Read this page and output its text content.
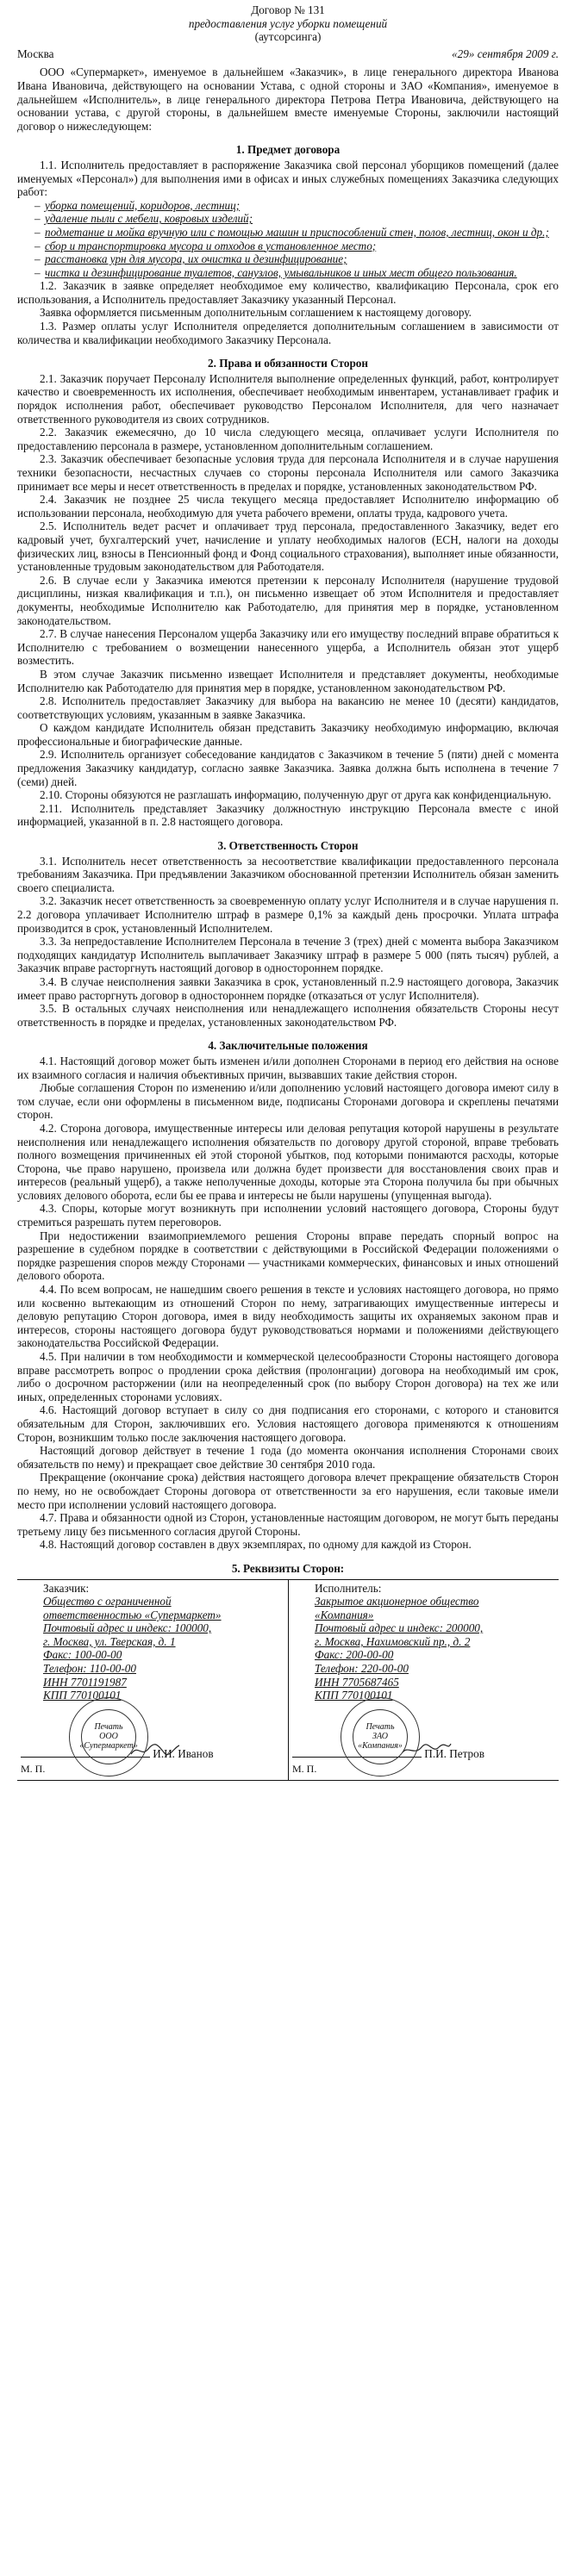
Договор № 131

предоставления услуг уборки помещений

(аутсорсинга)

Москва	«29» сентября 2009 г.

ООО «Супермаркет», именуемое в дальнейшем «Заказчик», в лице генерального директора Иванова Ивана Ивановича, действующего на основании Устава, с одной стороны и ЗАО «Компания», именуемое в дальнейшем «Исполнитель», в лице генерального директора Петрова Петра Ивановича, действующего на основании устава, с другой стороны, в дальнейшем вместе именуемые Стороны, заключили настоящий договор о нижеследующем:

1. Предмет договора

1.1. Исполнитель предоставляет в распоряжение Заказчика свой персонал уборщиков помещений (далее именуемых «Персонал») для выполнения ими в офисах и иных служебных помещениях Заказчика следующих работ:

– уборка помещений, коридоров, лестниц;
– удаление пыли с мебели, ковровых изделий;
– подметание и мойка вручную или с помощью машин и приспособлений стен, полов, лестниц, окон и др.;
– сбор и транспортировка мусора и отходов в установленное место;
– расстановка урн для мусора, их очистка и дезинфицирование;
– чистка и дезинфицирование туалетов, санузлов, умывальников и иных мест общего пользования.

1.2. Заказчик в заявке определяет необходимое ему количество, квалификацию Персонала, срок его использования, а Исполнитель предоставляет Заказчику указанный Персонал.

Заявка оформляется письменным дополнительным соглашением к настоящему договору.

1.3. Размер оплаты услуг Исполнителя определяется дополнительным соглашением в зависимости от количества и квалификации необходимого Заказчику Персонала.

2. Права и обязанности Сторон

2.1. Заказчик поручает Персоналу Исполнителя выполнение определенных функций, работ, контролирует качество и своевременность их исполнения, обеспечивает необходимым инвентарем, устанавливает график и порядок исполнения работ, обеспечивает руководство Персоналом Исполнителя, для чего назначает ответственного руководителя из своих сотрудников.

2.2. Заказчик ежемесячно, до 10 числа следующего месяца, оплачивает услуги Исполнителя по предоставлению персонала в размере, установленном дополнительным соглашением.

2.3. Заказчик обеспечивает безопасные условия труда для персонала Исполнителя и в случае нарушения техники безопасности, несчастных случаев со стороны персонала Исполнителя или самого Заказчика принимает все меры и несет ответственность в пределах и порядке, установленных законодательством РФ.

2.4. Заказчик не позднее 25 числа текущего месяца предоставляет Исполнителю информацию об использовании персонала, необходимую для учета рабочего времени, оплаты труда, кадрового учета.

2.5. Исполнитель ведет расчет и оплачивает труд персонала, предоставленного Заказчику, ведет его кадровый учет, бухгалтерский учет, начисление и уплату необходимых налогов (ЕСН, налоги на доходы физических лиц, взносы в Пенсионный фонд и Фонд социального страхования), выполняет иные обязанности, установленные трудовым законодательством для Работодателя.

2.6. В случае если у Заказчика имеются претензии к персоналу Исполнителя (нарушение трудовой дисциплины, низкая квалификация и т.п.), он письменно извещает об этом Исполнителя и предоставляет документы, необходимые Исполнителю как Работодателю, для принятия мер в порядке, установленном законодательством.

2.7. В случае нанесения Персоналом ущерба Заказчику или его имуществу последний вправе обратиться к Исполнителю с требованием о возмещении нанесенного ущерба, а Исполнитель обязан этот ущерб возместить.

В этом случае Заказчик письменно извещает Исполнителя и представляет документы, необходимые Исполнителю как Работодателю для принятия мер в порядке, установленном законодательством РФ.

2.8. Исполнитель предоставляет Заказчику для выбора на вакансию не менее 10 (десяти) кандидатов, соответствующих условиям, указанным в заявке Заказчика.

О каждом кандидате Исполнитель обязан представить Заказчику необходимую информацию, включая профессиональные и биографические данные.

2.9. Исполнитель организует собеседование кандидатов с Заказчиком в течение 5 (пяти) дней с момента предложения Заказчику кандидатур, согласно заявке Заказчика. Заявка должна быть исполнена в течение 7 (семи) дней.

2.10. Стороны обязуются не разглашать информацию, полученную друг от друга как конфиденциальную.

2.11. Исполнитель представляет Заказчику должностную инструкцию Персонала вместе с иной информацией, указанной в п. 2.8 настоящего договора.

3. Ответственность Сторон

3.1. Исполнитель несет ответственность за несоответствие квалификации предоставленного персонала требованиям Заказчика. При предъявлении Заказчиком обоснованной претензии Исполнитель обязан заменить своего специалиста.

3.2. Заказчик несет ответственность за своевременную оплату услуг Исполнителя и в случае нарушения п. 2.2 договора уплачивает Исполнителю штраф в размере 0,1% за каждый день просрочки. Уплата штрафа производится в срок, установленный Исполнителем.

3.3. За непредоставление Исполнителем Персонала в течение 3 (трех) дней с момента выбора Заказчиком подходящих кандидатур Исполнитель выплачивает Заказчику штраф в размере 5 000 (пять тысяч) рублей, а Заказчик вправе расторгнуть настоящий договор в одностороннем порядке.

3.4. В случае неисполнения заявки Заказчика в срок, установленный п.2.9 настоящего договора, Заказчик имеет право расторгнуть договор в одностороннем порядке (отказаться от услуг Исполнителя).

3.5. В остальных случаях неисполнения или ненадлежащего исполнения обязательств Стороны несут ответственность в порядке и пределах, установленных законодательством РФ.

4. Заключительные положения

4.1. Настоящий договор может быть изменен и/или дополнен Сторонами в период его действия на основе их взаимного согласия и наличия объективных причин, вызвавших такие действия сторон.

Любые соглашения Сторон по изменению и/или дополнению условий настоящего договора имеют силу в том случае, если они оформлены в письменном виде, подписаны Сторонами договора и скреплены печатями сторон.

4.2. Сторона договора, имущественные интересы или деловая репутация которой нарушены в результате неисполнения или ненадлежащего исполнения обязательств по договору другой стороной, вправе требовать полного возмещения причиненных ей этой стороной убытков, под которыми понимаются расходы, которые Сторона, чье право нарушено, произвела или должна будет произвести для восстановления своих прав и интересов (реальный ущерб), а также неполученные доходы, которые эта Сторона получила бы при обычных условиях делового оборота, если бы ее права и интересы не были нарушены (упущенная выгода).

4.3. Споры, которые могут возникнуть при исполнении условий настоящего договора, Стороны будут стремиться разрешать путем переговоров.

При недостижении взаимоприемлемого решения Стороны вправе передать спорный вопрос на разрешение в судебном порядке в соответствии с действующими в Российской Федерации положениями о порядке разрешения споров между Сторонами — участниками коммерческих, финансовых и иных отношений делового оборота.

4.4. По всем вопросам, не нашедшим своего решения в тексте и условиях настоящего договора, но прямо или косвенно вытекающим из отношений Сторон по нему, затрагивающих имущественные интересы и деловую репутацию Сторон договора, имея в виду необходимость защиты их охраняемых законом прав и интересов, стороны настоящего договора будут руководствоваться нормами и положениями действующего законодательства Российской Федерации.

4.5. При наличии в том необходимости и коммерческой целесообразности Стороны настоящего договора вправе рассмотреть вопрос о продлении срока действия (пролонгации) договора на необходимый им срок, либо о досрочном расторжении (или на неопределенный срок (по выбору Сторон договора) на тех же или иных, определенных сторонами условиях.

4.6. Настоящий договор вступает в силу со дня подписания его сторонами, с которого и становится обязательным для Сторон, заключивших его. Условия настоящего договора применяются к отношениям Сторон, возникшим только после заключения настоящего договора.

Настоящий договор действует в течение 1 года (до момента окончания исполнения Сторонами своих обязательств по нему) и прекращает свое действие 30 сентября 2010 года.

Прекращение (окончание срока) действия настоящего договора влечет прекращение обязательств Сторон по нему, но не освобождает Стороны договора от ответственности за его нарушения, если таковые имели место при исполнении условий настоящего договора.

4.7. Права и обязанности одной из Сторон, установленные настоящим договором, не могут быть переданы третьему лицу без письменного согласия другой Стороны.

4.8. Настоящий договор составлен в двух экземплярах, по одному для каждой из Сторон.

5. Реквизиты Сторон:

Заказчик:

Общество с ограниченной

ответственностью «Супермаркет»

Почтовый адрес и индекс: 100000,

г. Москва, ул. Тверская, д. 1

Факс: 100-00-00

Телефон: 110-00-00

ИНН 7701191987

КПП 770100101

И.И. Иванов
Печать
ООО
«Супермаркет»
М. П.

Исполнитель:

Закрытое акционерное общество

«Компания»

Почтовый адрес и индекс: 200000,

г. Москва, Нахимовский пр., д. 2

Факс: 200-00-00

Телефон: 220-00-00

ИНН 7705687465

КПП 770100101

П.И. Петров
Печать
ЗАО
«Компания»
М. П.
